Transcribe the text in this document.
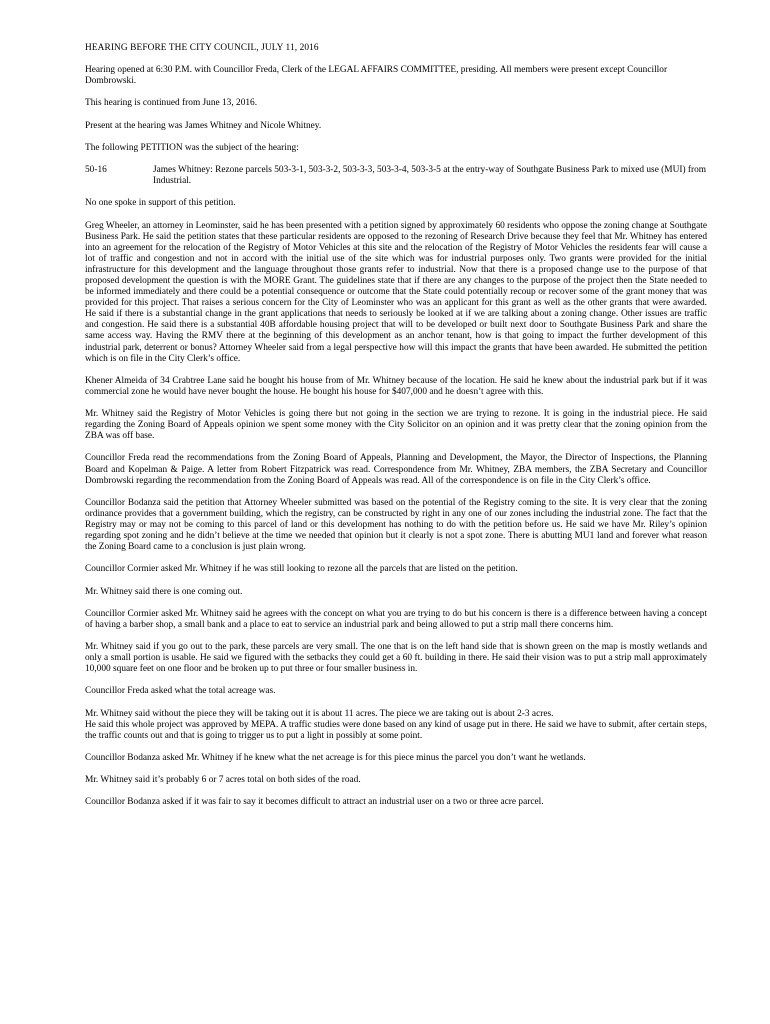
HEARING BEFORE THE CITY COUNCIL, JULY 11, 2016

Hearing opened at 6:30 P.M. with Councillor Freda, Clerk of the LEGAL AFFAIRS COMMITTEE, presiding. All members were present except Councillor Dombrowski.

This hearing is continued from June 13, 2016.

Present at the hearing was James Whitney and Nicole Whitney.

The following PETITION was the subject of the hearing:

50-16	James Whitney: Rezone parcels 503-3-1, 503-3-2, 503-3-3, 503-3-4, 503-3-5 at the entry-way of Southgate Business Park to mixed use (MUI) from Industrial.

No one spoke in support of this petition.

Greg Wheeler, an attorney in Leominster, said he has been presented with a petition signed by approximately 60 residents who oppose the zoning change at Southgate Business Park. He said the petition states that these particular residents are opposed to the rezoning of Research Drive because they feel that Mr. Whitney has entered into an agreement for the relocation of the Registry of Motor Vehicles at this site and the relocation of the Registry of Motor Vehicles the residents fear will cause a lot of traffic and congestion and not in accord with the initial use of the site which was for industrial purposes only. Two grants were provided for the initial infrastructure for this development and the language throughout those grants refer to industrial. Now that there is a proposed change use to the purpose of that proposed development the question is with the MORE Grant. The guidelines state that if there are any changes to the purpose of the project then the State needed to be informed immediately and there could be a potential consequence or outcome that the State could potentially recoup or recover some of the grant money that was provided for this project. That raises a serious concern for the City of Leominster who was an applicant for this grant as well as the other grants that were awarded. He said if there is a substantial change in the grant applications that needs to seriously be looked at if we are talking about a zoning change. Other issues are traffic and congestion. He said there is a substantial 40B affordable housing project that will to be developed or built next door to Southgate Business Park and share the same access way. Having the RMV there at the beginning of this development as an anchor tenant, how is that going to impact the further development of this industrial park, deterrent or bonus? Attorney Wheeler said from a legal perspective how will this impact the grants that have been awarded. He submitted the petition which is on file in the City Clerk’s office.

Khener Almeida of 34 Crabtree Lane said he bought his house from of Mr. Whitney because of the location. He said he knew about the industrial park but if it was commercial zone he would have never bought the house. He bought his house for $407,000 and he doesn’t agree with this.

Mr. Whitney said the Registry of Motor Vehicles is going there but not going in the section we are trying to rezone. It is going in the industrial piece. He said regarding the Zoning Board of Appeals opinion we spent some money with the City Solicitor on an opinion and it was pretty clear that the zoning opinion from the ZBA was off base.

Councillor Freda read the recommendations from the Zoning Board of Appeals, Planning and Development, the Mayor, the Director of Inspections, the Planning Board and Kopelman & Paige. A letter from Robert Fitzpatrick was read. Correspondence from Mr. Whitney, ZBA members, the ZBA Secretary and Councillor Dombrowski regarding the recommendation from the Zoning Board of Appeals was read. All of the correspondence is on file in the City Clerk’s office.

Councillor Bodanza said the petition that Attorney Wheeler submitted was based on the potential of the Registry coming to the site. It is very clear that the zoning ordinance provides that a government building, which the registry, can be constructed by right in any one of our zones including the industrial zone. The fact that the Registry may or may not be coming to this parcel of land or this development has nothing to do with the petition before us. He said we have Mr. Riley’s opinion regarding spot zoning and he didn’t believe at the time we needed that opinion but it clearly is not a spot zone. There is abutting MU1 land and forever what reason the Zoning Board came to a conclusion is just plain wrong.

Councillor Cormier asked Mr. Whitney if he was still looking to rezone all the parcels that are listed on the petition.

Mr. Whitney said there is one coming out.

Councillor Cormier asked Mr. Whitney said he agrees with the concept on what you are trying to do but his concern is there is a difference between having a concept of having a barber shop, a small bank and a place to eat to service an industrial park and being allowed to put a strip mall there concerns him.

Mr. Whitney said if you go out to the park, these parcels are very small. The one that is on the left hand side that is shown green on the map is mostly wetlands and only a small portion is usable. He said we figured with the setbacks they could get a 60 ft. building in there. He said their vision was to put a strip mall approximately 10,000 square feet on one floor and be broken up to put three or four smaller business in.

Councillor Freda asked what the total acreage was.

Mr. Whitney said without the piece they will be taking out it is about 11 acres. The piece we are taking out is about 2-3 acres.
He said this whole project was approved by MEPA. A traffic studies were done based on any kind of usage put in there. He said we have to submit, after certain steps, the traffic counts out and that is going to trigger us to put a light in possibly at some point.

Councillor Bodanza asked Mr. Whitney if he knew what the net acreage is for this piece minus the parcel you don’t want he wetlands.

Mr. Whitney said it’s probably 6 or 7 acres total on both sides of the road.

Councillor Bodanza asked if it was fair to say it becomes difficult to attract an industrial user on a two or three acre parcel.
